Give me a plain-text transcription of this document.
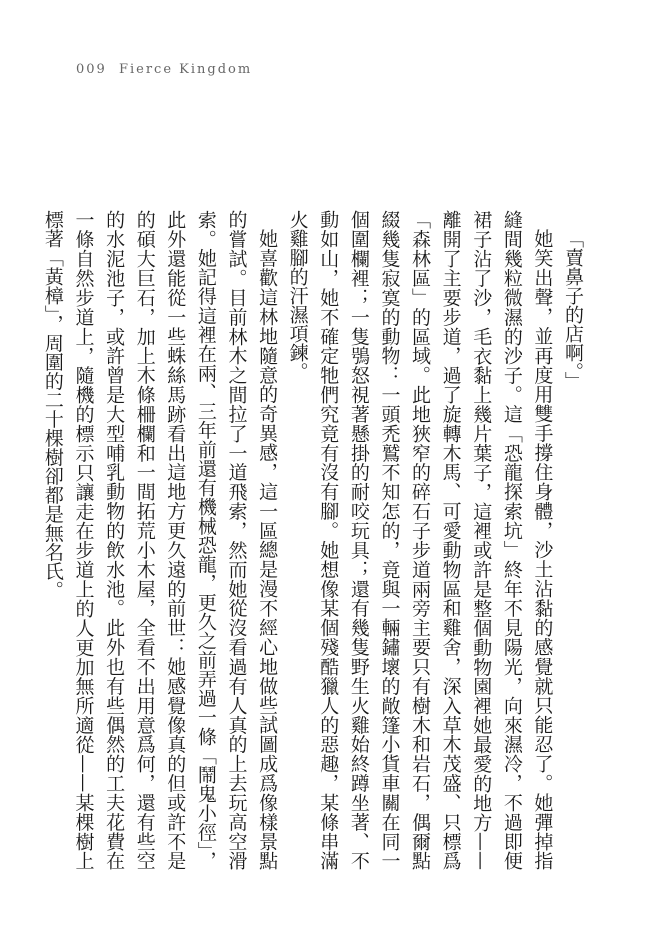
009 Fierce Kingdom

「賣鼻子的店啊。」

她笑出聲，並再度用雙手撐住身體，沙土沾黏的感覺就只能忍了。她彈掉指縫間幾粒微濕的沙子。這「恐龍探索坑」終年不見陽光，向來濕冷，不過即便裙子沾了沙，毛衣黏上幾片葉子，這裡或許是整個動物園裡她最愛的地方——離開了主要步道，過了旋轉木馬、可愛動物區和雞舍，深入草木茂盛、只標爲「森林區」的區域。此地狹窄的碎石子步道兩旁主要只有樹木和岩石，偶爾點綴幾隻寂寞的動物：一頭禿鷲不知怎的，竟與一輛鏽壞的敞篷小貨車關在同一個圍欄裡；一隻鴞怒視著懸掛的耐咬玩具；還有幾隻野生火雞始終蹲坐著、不動如山，她不確定牠們究竟有沒有腳。她想像某個殘酷獵人的惡趣，某條串滿火雞腳的汗濕項鍊。

她喜歡這林地隨意的奇異感，這一區總是漫不經心地做些試圖成爲像樣景點的嘗試。目前林木之間拉了一道飛索，然而她從沒看過有人真的上去玩高空滑索。她記得這裡在兩、三年前還有機械恐龍，更久之前弄過一條「鬧鬼小徑」，此外還能從一些蛛絲馬跡看出這地方更久遠的前世：她感覺像真的但或許不是的碩大巨石，加上木條柵欄和一間拓荒小木屋，全看不出用意爲何，還有些空的水泥池子，或許曾是大型哺乳動物的飲水池。此外也有些偶然的工夫花費在一條自然步道上，隨機的標示只讓走在步道上的人更加無所適從——某棵樹上標著「黃樟」，周圍的二十棵樹卻都是無名氏。
